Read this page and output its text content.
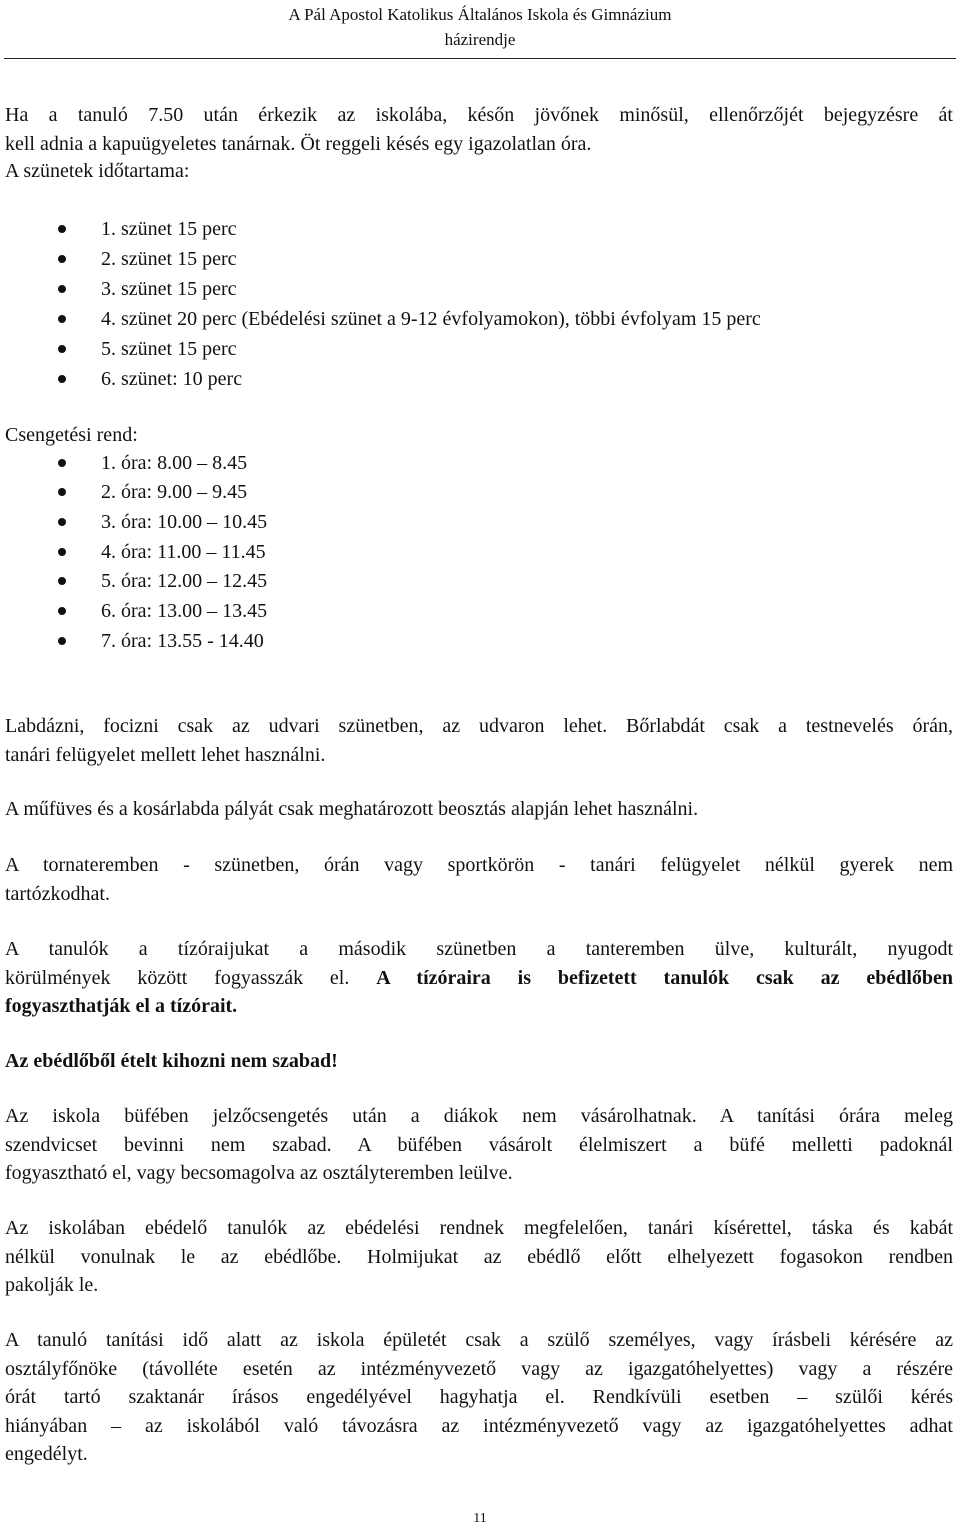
A Pál Apostol Katolikus Általános Iskola és Gimnázium
házirendje
Ha a tanuló 7.50 után érkezik az iskolába, későn jövőnek minősül, ellenőrzőjét bejegyzésre át
kell adnia a kapuügyeletes tanárnak. Öt reggeli késés egy igazolatlan óra.
A szünetek időtartama:
1. szünet 15 perc
2. szünet 15 perc
3. szünet 15 perc
4. szünet 20 perc (Ebédelési szünet a 9-12 évfolyamokon), többi évfolyam 15 perc
5. szünet 15 perc
6. szünet: 10 perc
Csengetési rend:
1. óra: 8.00 – 8.45
2. óra: 9.00 – 9.45
3. óra: 10.00 – 10.45
4. óra: 11.00 – 11.45
5. óra: 12.00 – 12.45
6. óra: 13.00 – 13.45
7. óra: 13.55 - 14.40
Labdázni, focizni csak az udvari szünetben, az udvaron lehet. Bőrlabdát csak a testnevelés órán,
tanári felügyelet mellett lehet használni.
A műfüves és a kosárlabda pályát csak meghatározott beosztás alapján lehet használni.
A tornateremben - szünetben, órán vagy sportkörön - tanári felügyelet nélkül gyerek nem
tartózkodhat.
A tanulók a tízóraijukat a második szünetben a tanteremben ülve, kulturált, nyugodt
körülmények között fogyasszák el. A tízóraira is befizetett tanulók csak az ebédlőben
fogyaszthatják el a tízórait.
Az ebédlőből ételt kihozni nem szabad!
Az iskola büfében jelzőcsengetés után a diákok nem vásárolhatnak. A tanítási órára meleg
szendvicset bevinni nem szabad. A büfében vásárolt élelmiszert a büfé melletti padoknál
fogyasztható el, vagy becsomagolva az osztályteremben leülve.
Az iskolában ebédelő tanulók az ebédelési rendnek megfelelően, tanári kísérettel, táska és kabát
nélkül vonulnak le az ebédlőbe. Holmijukat az ebédlő előtt elhelyezett fogasokon rendben
pakolják le.
A tanuló tanítási idő alatt az iskola épületét csak a szülő személyes, vagy írásbeli kérésére az
osztályfőnöke (távolléte esetén az intézményvezető vagy az igazgatóhelyettes) vagy a részére
órát tartó szaktanár írásos engedélyével hagyhatja el. Rendkívüli esetben – szülői kérés
hiányában – az iskolából való távozásra az intézményvezető vagy az igazgatóhelyettes adhat
engedélyt.
11
